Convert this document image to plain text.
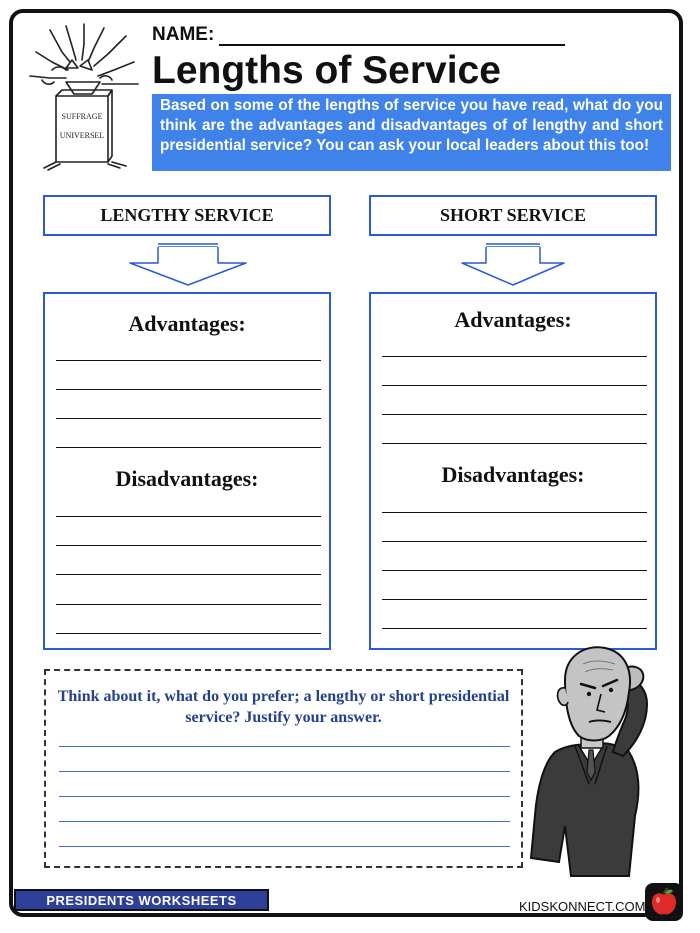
SUFFRAGE
UNIVERSEL
NAME:
Lengths of Service
Based on some of the lengths of service you have read, what do you think are the advantages and disadvantages of of lengthy and short presidential service? You can ask your local leaders about this too!
LENGTHY SERVICE	SHORT SERVICE
Advantages:
Disadvantages:
Advantages:
Disadvantages:
Think about it, what do you prefer; a lengthy or short presidential service? Justify your answer.
PRESIDENTS WORKSHEETS	KIDSKONNECT.COM
